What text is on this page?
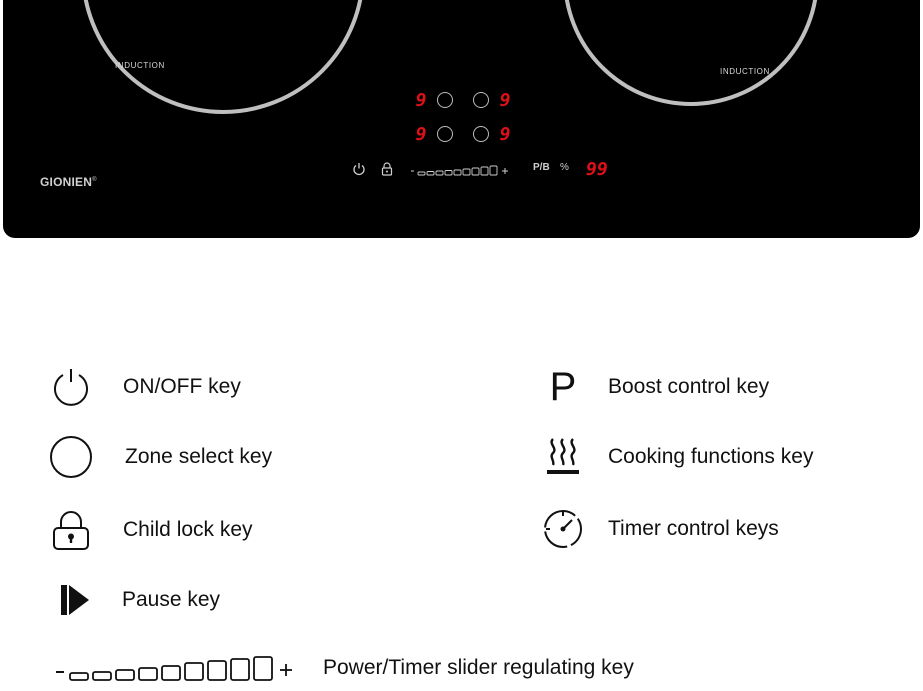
INDUCTION
INDUCTION
GIONIEN®
9	9
9	9
P/B % 99
ON/OFF key
Zone select key
Child lock key
Pause key
Power/Timer slider regulating key
P Boost control key
Cooking functions key
Timer control keys
